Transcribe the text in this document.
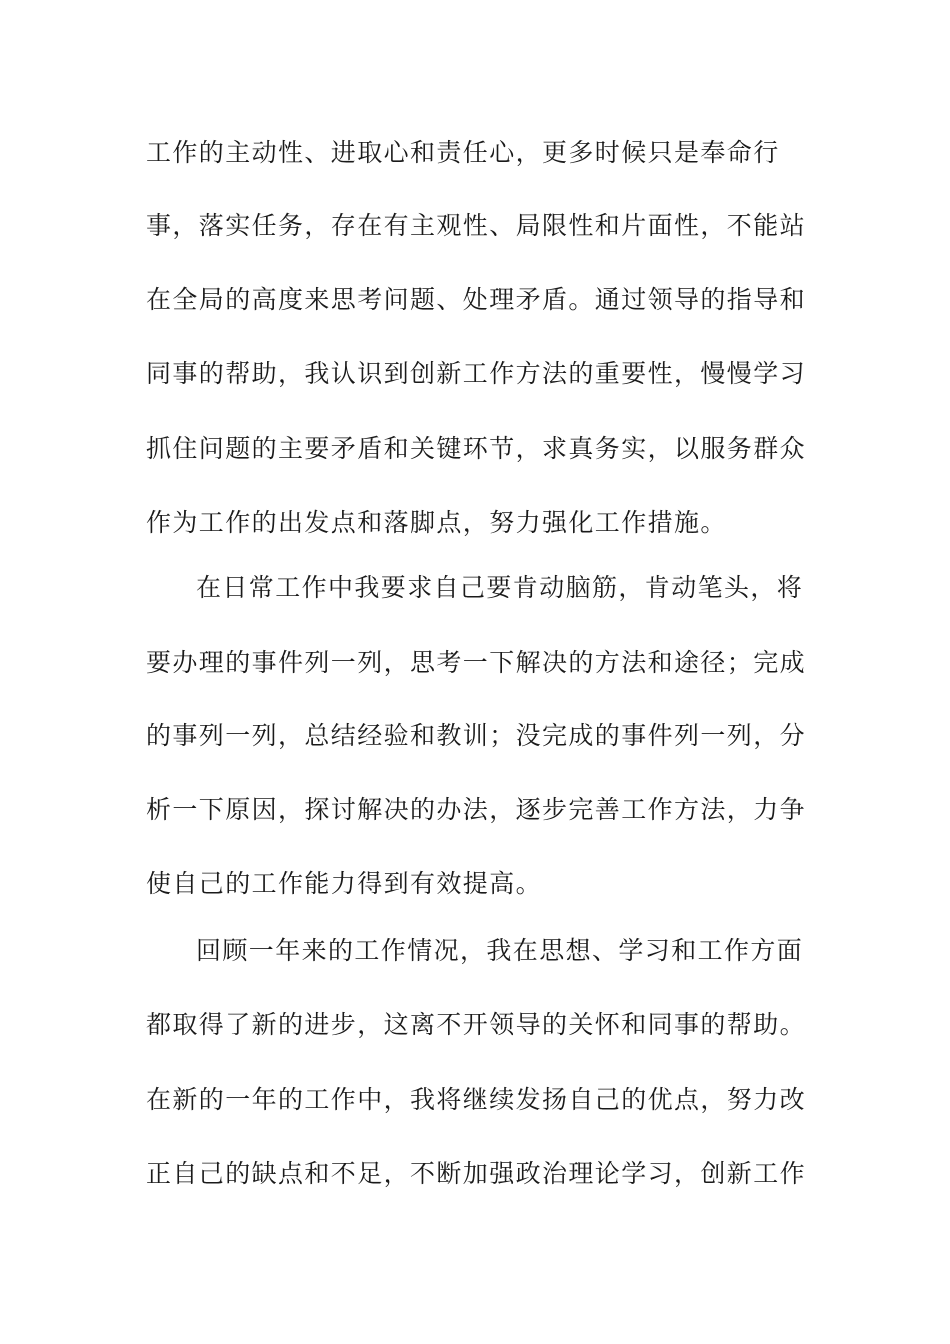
工作的主动性、进取心和责任心，更多时候只是奉命行
事，落实任务，存在有主观性、局限性和片面性，不能站
在全局的高度来思考问题、处理矛盾。通过领导的指导和
同事的帮助，我认识到创新工作方法的重要性，慢慢学习
抓住问题的主要矛盾和关键环节，求真务实，以服务群众
作为工作的出发点和落脚点，努力强化工作措施。
在日常工作中我要求自己要肯动脑筋，肯动笔头，将
要办理的事件列一列，思考一下解决的方法和途径；完成
的事列一列，总结经验和教训；没完成的事件列一列，分
析一下原因，探讨解决的办法，逐步完善工作方法，力争
使自己的工作能力得到有效提高。
回顾一年来的工作情况，我在思想、学习和工作方面
都取得了新的进步，这离不开领导的关怀和同事的帮助。
在新的一年的工作中，我将继续发扬自己的优点，努力改
正自己的缺点和不足，不断加强政治理论学习，创新工作
